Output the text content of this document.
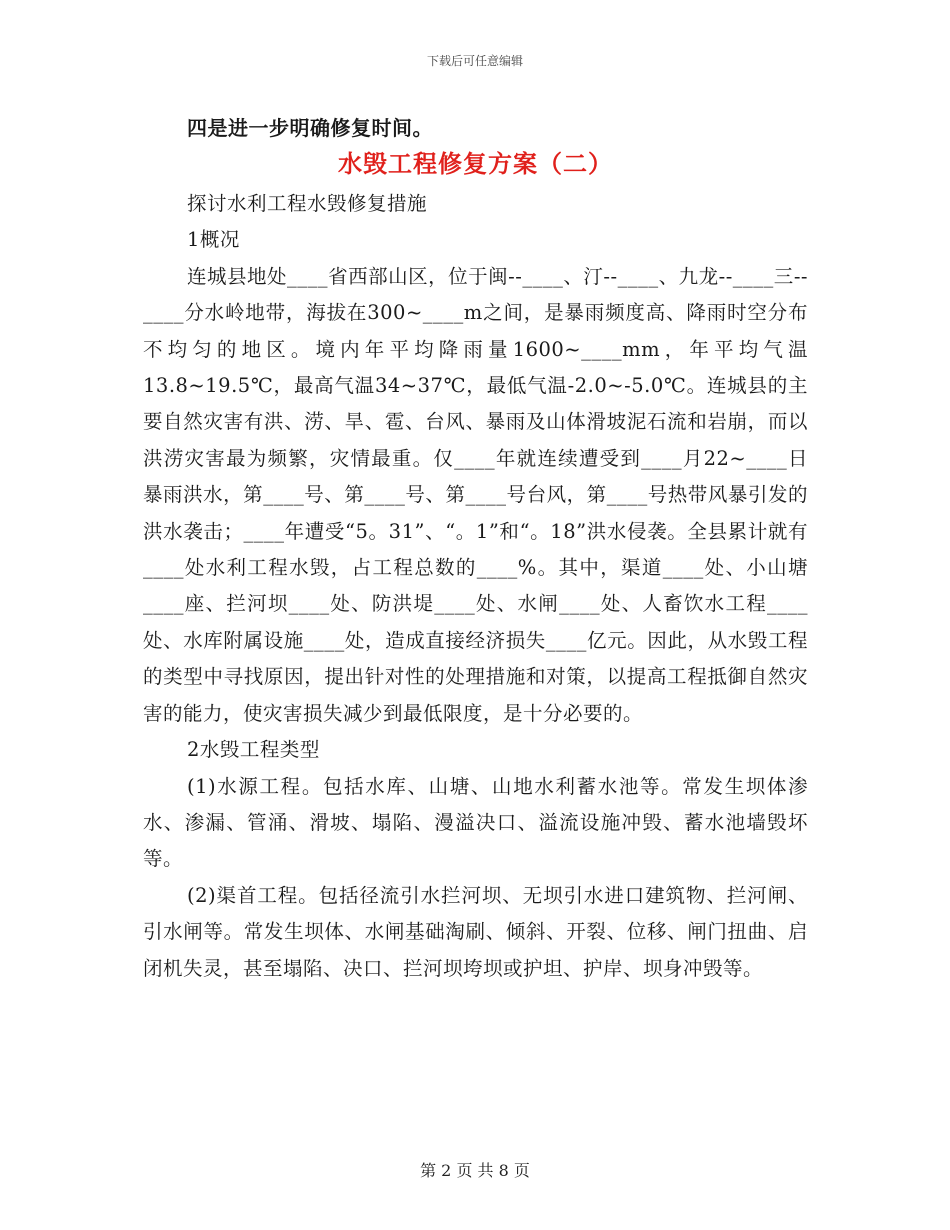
下载后可任意编辑

四是进一步明确修复时间。

水毁工程修复方案（二）

探讨水利工程水毁修复措施

1概况

连城县地处____省西部山区，位于闽--____、汀--____、九龙--____三--____分水岭地带，海拔在300~____m之间，是暴雨频度高、降雨时空分布不均匀的地区。境内年平均降雨量1600~____mm，年平均气温13.8~19.5℃，最高气温34~37℃，最低气温-2.0~-5.0℃。连城县的主要自然灾害有洪、涝、旱、雹、台风、暴雨及山体滑坡泥石流和岩崩，而以洪涝灾害最为频繁，灾情最重。仅____年就连续遭受到____月22~____日暴雨洪水，第____号、第____号、第____号台风，第____号热带风暴引发的洪水袭击；____年遭受“5。31”、“。1”和“。18”洪水侵袭。全县累计就有____处水利工程水毁，占工程总数的____%。其中，渠道____处、小山塘____座、拦河坝____处、防洪堤____处、水闸____处、人畜饮水工程____处、水库附属设施____处，造成直接经济损失____亿元。因此，从水毁工程的类型中寻找原因，提出针对性的处理措施和对策，以提高工程抵御自然灾害的能力，使灾害损失减少到最低限度，是十分必要的。

2水毁工程类型

(1)水源工程。包括水库、山塘、山地水利蓄水池等。常发生坝体渗水、渗漏、管涌、滑坡、塌陷、漫溢决口、溢流设施冲毁、蓄水池墙毁坏等。

(2)渠首工程。包括径流引水拦河坝、无坝引水进口建筑物、拦河闸、引水闸等。常发生坝体、水闸基础淘刷、倾斜、开裂、位移、闸门扭曲、启闭机失灵，甚至塌陷、决口、拦河坝垮坝或护坦、护岸、坝身冲毁等。

第 2 页 共 8 页
